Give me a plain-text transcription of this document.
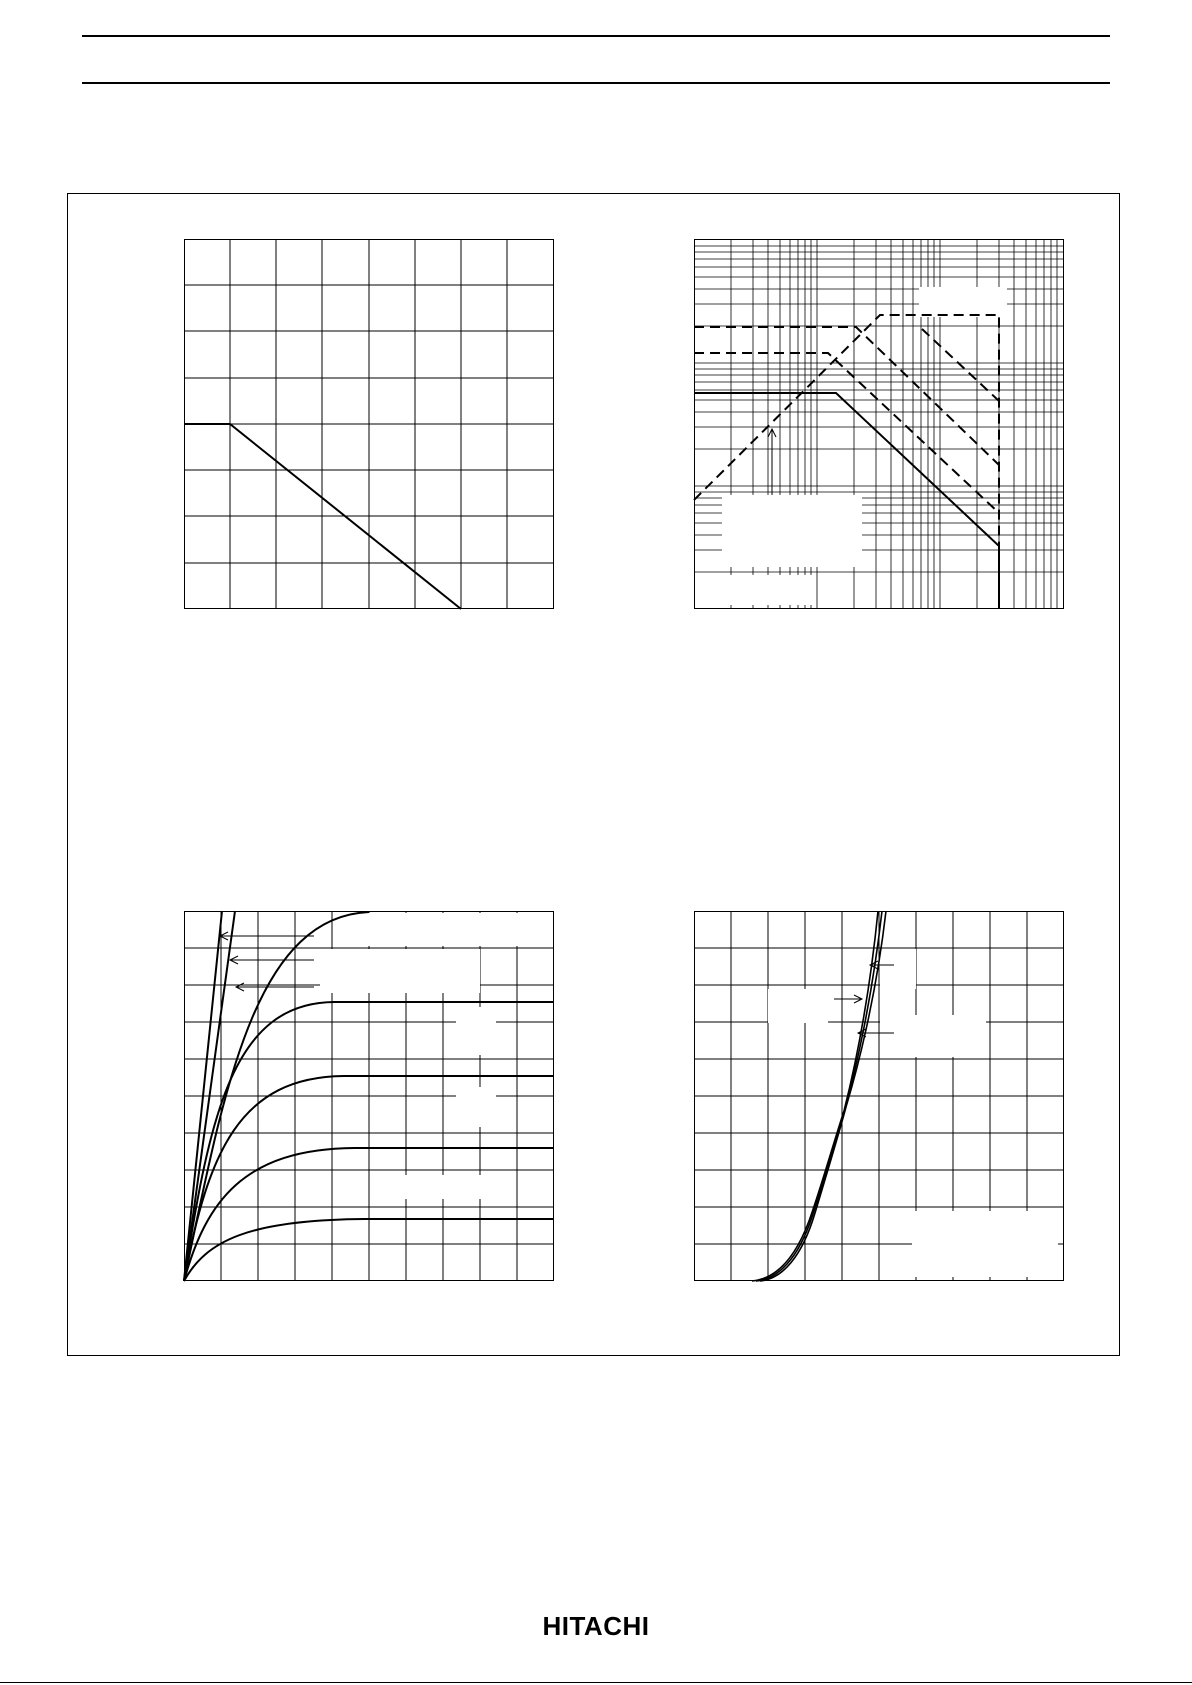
HITACHI
